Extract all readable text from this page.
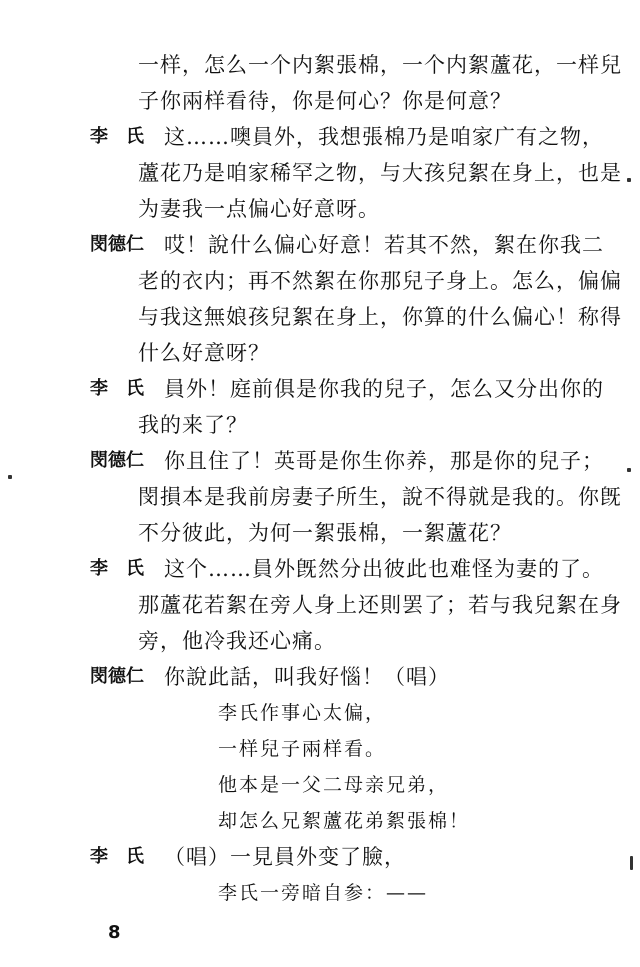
一样，怎么一个内絮張棉，一个内絮蘆花，一样兒
子你兩样看待，你是何心？你是何意？
李　氏 这……噢員外，我想張棉乃是咱家广有之物，
蘆花乃是咱家稀罕之物，与大孩兒絮在身上，也是
为妻我一点偏心好意呀。
閔德仁 哎！說什么偏心好意！若其不然，絮在你我二
老的衣内；再不然絮在你那兒子身上。怎么，偏偏
与我这無娘孩兒絮在身上，你算的什么偏心！称得
什么好意呀？
李　氏 員外！庭前俱是你我的兒子，怎么又分出你的
我的来了？
閔德仁 你且住了！英哥是你生你养，那是你的兒子；
閔損本是我前房妻子所生，說不得就是我的。你旣
不分彼此，为何一絮張棉，一絮蘆花？
李　氏 这个……員外旣然分出彼此也难怪为妻的了。
那蘆花若絮在旁人身上还則罢了；若与我兒絮在身
旁，他冷我还心痛。
閔德仁 你說此話，叫我好惱！（唱）
李氏作事心太偏，
一样兒子兩样看。
他本是一父二母亲兄弟，
却怎么兄絮蘆花弟絮張棉！
李　氏 （唱）一見員外变了臉，
李氏一旁暗自参：——
8
